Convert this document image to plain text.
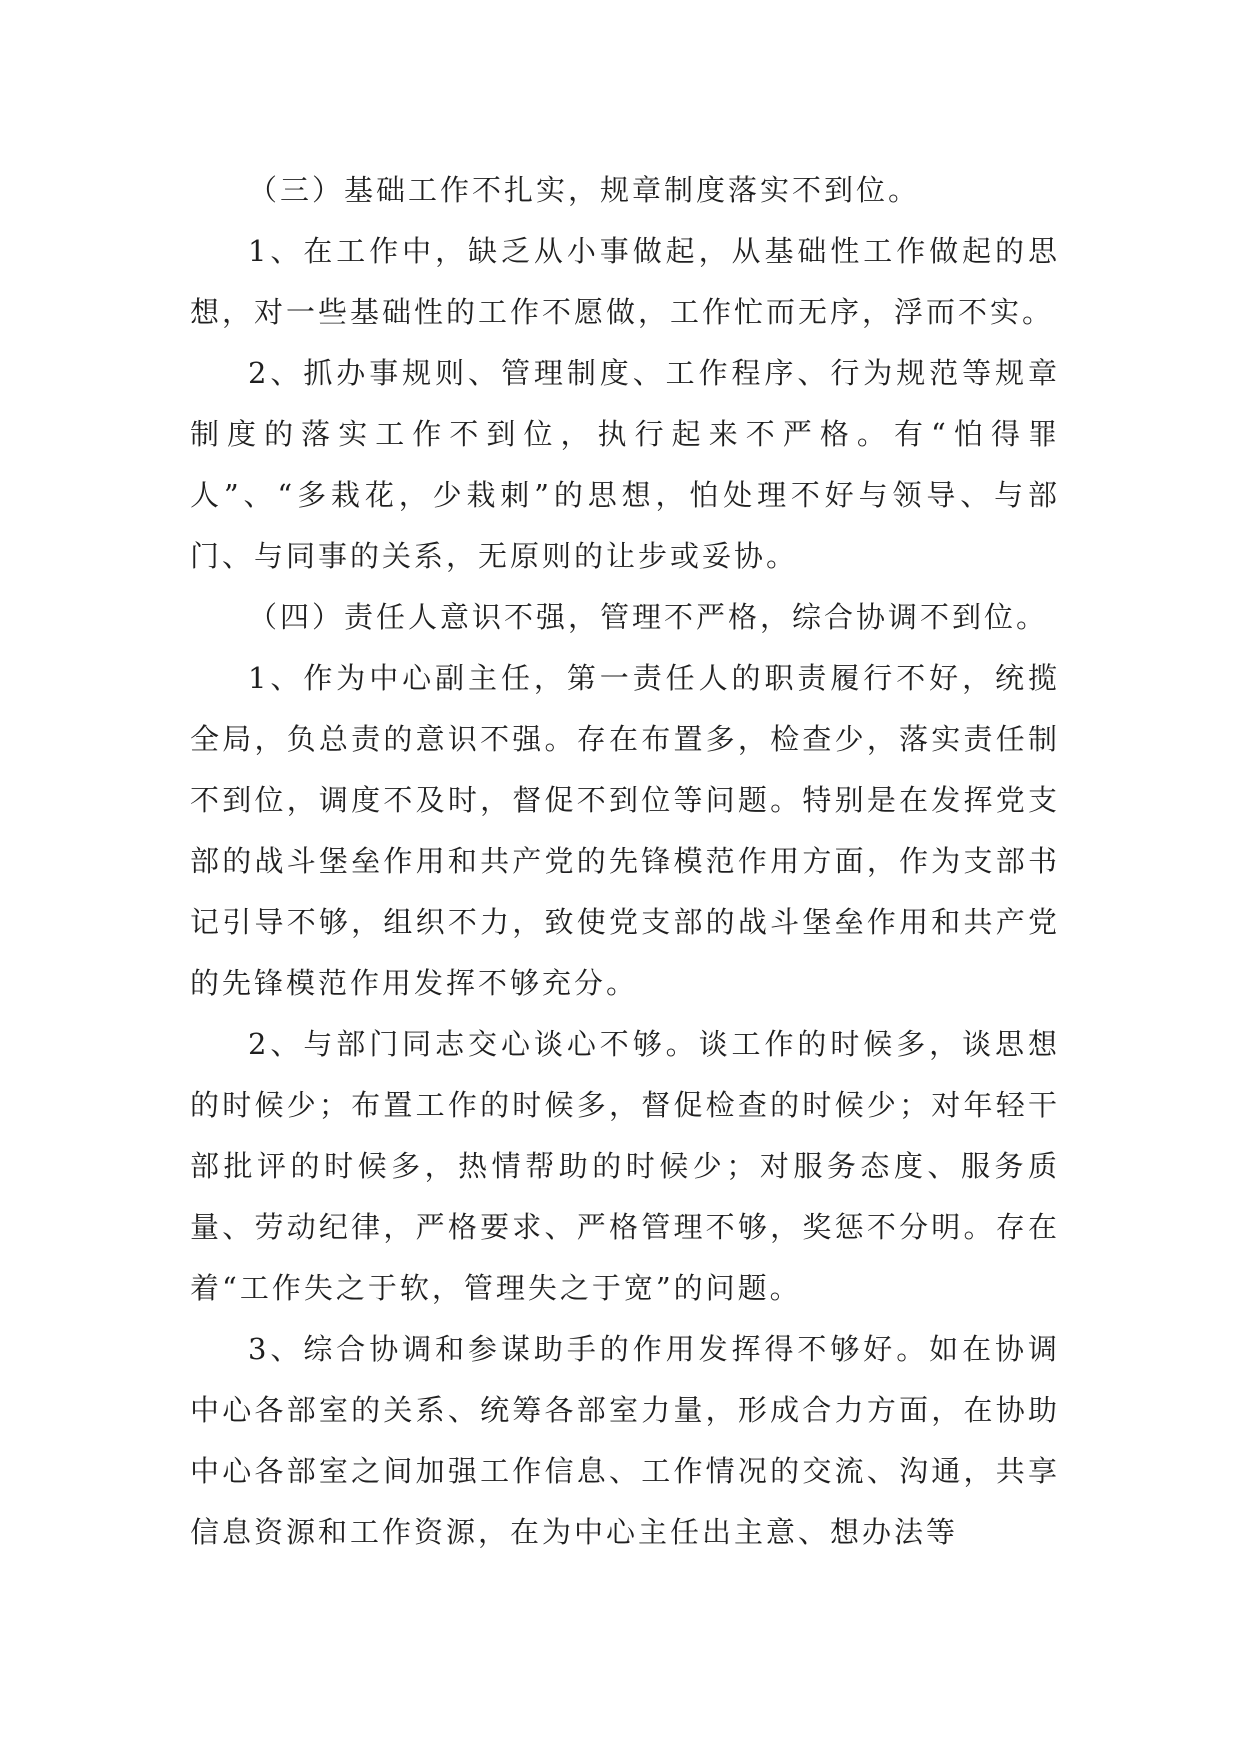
（三）基础工作不扎实，规章制度落实不到位。

1、在工作中，缺乏从小事做起，从基础性工作做起的思想，对一些基础性的工作不愿做，工作忙而无序，浮而不实。

2、抓办事规则、管理制度、工作程序、行为规范等规章制度的落实工作不到位，执行起来不严格。有“怕得罪人”、“多栽花，少栽刺”的思想，怕处理不好与领导、与部门、与同事的关系，无原则的让步或妥协。

（四）责任人意识不强，管理不严格，综合协调不到位。

1、作为中心副主任，第一责任人的职责履行不好，统揽全局，负总责的意识不强。存在布置多，检查少，落实责任制不到位，调度不及时，督促不到位等问题。特别是在发挥党支部的战斗堡垒作用和共产党的先锋模范作用方面，作为支部书记引导不够，组织不力，致使党支部的战斗堡垒作用和共产党的先锋模范作用发挥不够充分。

2、与部门同志交心谈心不够。谈工作的时候多，谈思想的时候少；布置工作的时候多，督促检查的时候少；对年轻干部批评的时候多，热情帮助的时候少；对服务态度、服务质量、劳动纪律，严格要求、严格管理不够，奖惩不分明。存在着“工作失之于软，管理失之于宽”的问题。

3、综合协调和参谋助手的作用发挥得不够好。如在协调中心各部室的关系、统筹各部室力量，形成合力方面，在协助中心各部室之间加强工作信息、工作情况的交流、沟通，共享信息资源和工作资源，在为中心主任出主意、想办法等
